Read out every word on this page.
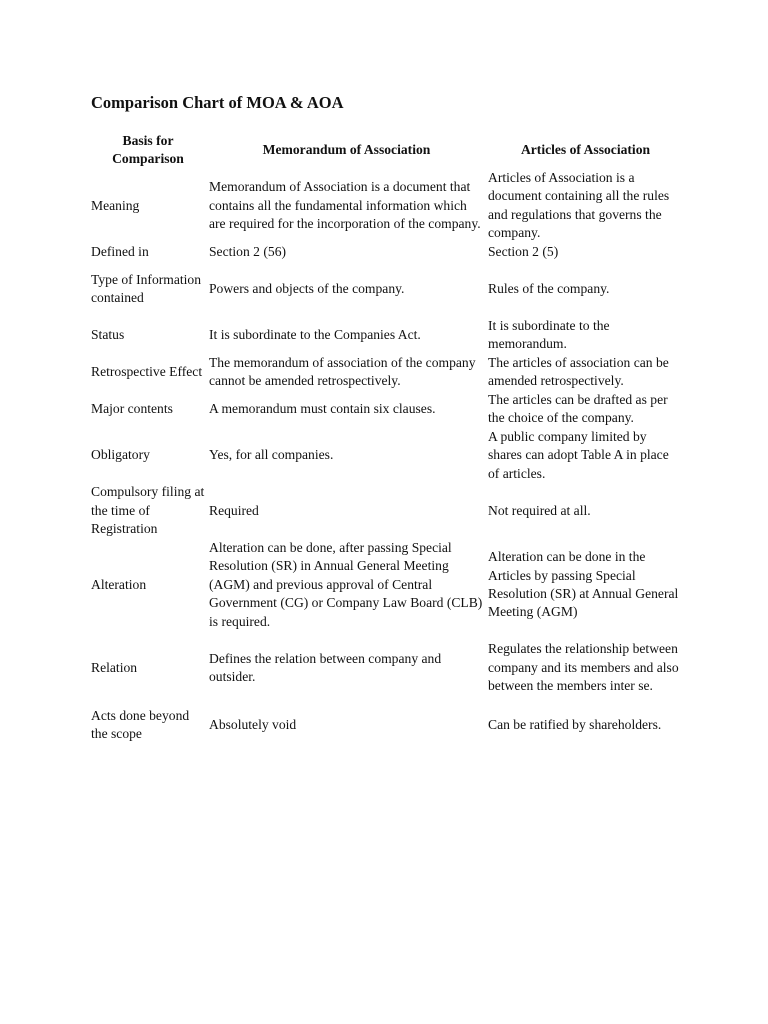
Comparison Chart of MOA & AOA
Basis for Comparison	Memorandum of Association	Articles of Association
Meaning	Memorandum of Association is a document that contains all the fundamental information which are required for the incorporation of the company.	Articles of Association is a document containing all the rules and regulations that governs the company.
Defined in	Section 2 (56)	Section 2 (5)
Type of Information contained	Powers and objects of the company.	Rules of the company.
Status	It is subordinate to the Companies Act.	It is subordinate to the memorandum.
Retrospective Effect	The memorandum of association of the company cannot be amended retrospectively.	The articles of association can be amended retrospectively.
Major contents	A memorandum must contain six clauses.	The articles can be drafted as per the choice of the company.
Obligatory	Yes, for all companies.	A public company limited by shares can adopt Table A in place of articles.
Compulsory filing at the time of Registration	Required	Not required at all.
Alteration	Alteration can be done, after passing Special Resolution (SR) in Annual General Meeting (AGM) and previous approval of Central Government (CG) or Company Law Board (CLB) is required.	Alteration can be done in the Articles by passing Special Resolution (SR) at Annual General Meeting (AGM)
Relation	Defines the relation between company and outsider.	Regulates the relationship between company and its members and also between the members inter se.
Acts done beyond the scope	Absolutely void	Can be ratified by shareholders.
